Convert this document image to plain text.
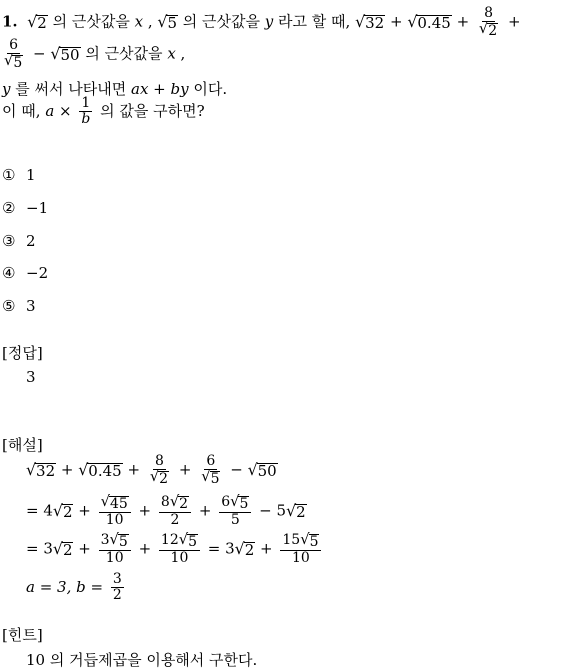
1. √ 2 의 근삿값을 x , √ 5 의 근삿값을 y 라고 할 때, √ 32 + √ $0.45 + \frac{8}{√ 2}$ +
$\frac{6}{√ 5}$ − √ 50 의 근삿값을 x ,
y 를 써서 나타내면 ax + by 이다.
이 때, $a \times \frac{1}{b}$ 의 값을 구하면?
① 1
② −1
③ 2
④ −2
⑤ 3
[정답]
3
[해설]
√ 32 + √ $0.45 + \frac{8}{√ 2} + \frac{6}{√ 5}$ − √ 50
= 4 √ $2 + \frac{√ 45}{10} + \frac{8 √ 2}{2} + \frac{6 √ 5}{5} - 5$ √ 2
= 3 √ $2 + \frac{3 √ 5}{10} + \frac{12 √ 5}{10} = 3$ √ $2 + \frac{15 √ 5}{10}$
a = 3, $b = \frac{3}{2}$
[힌트]
10 의 거듭제곱을 이용해서 구한다.
